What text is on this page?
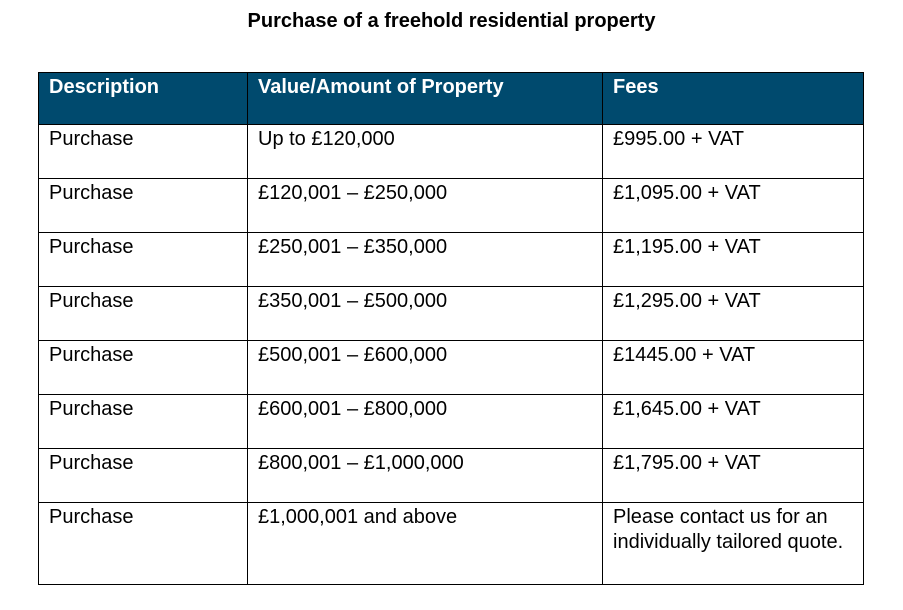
Purchase of a freehold residential property
Description	Value/Amount of Property	Fees
Purchase	Up to £120,000	£995.00 + VAT
Purchase	£120,001 – £250,000	£1,095.00 + VAT
Purchase	£250,001 – £350,000	£1,195.00 + VAT
Purchase	£350,001 – £500,000	£1,295.00 + VAT
Purchase	£500,001 – £600,000	£1445.00 + VAT
Purchase	£600,001 – £800,000	£1,645.00 + VAT
Purchase	£800,001 – £1,000,000	£1,795.00 + VAT
Purchase	£1,000,001 and above	Please contact us for an individually tailored quote.
